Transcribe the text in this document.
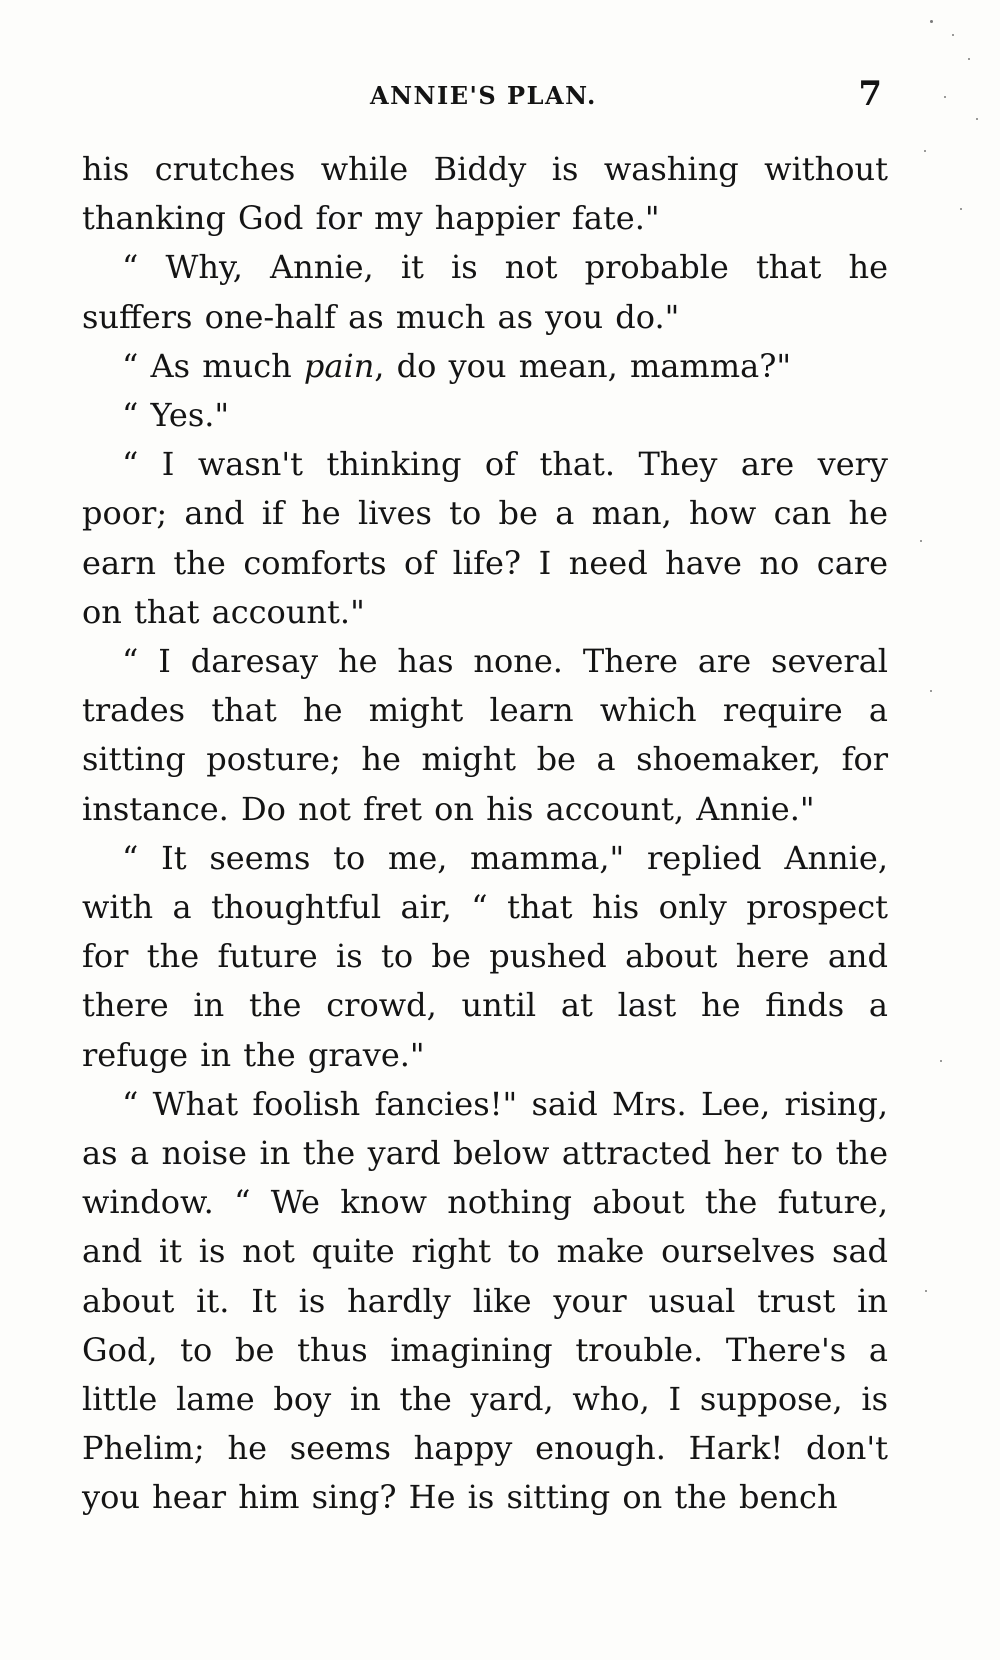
ANNIE'S PLAN.	7

his crutches while Biddy is washing without thanking God for my happier fate."

“ Why, Annie, it is not probable that he suffers one-half as much as you do."

“ As much pain, do you mean, mamma?"

“ Yes."

“ I wasn't thinking of that. They are very poor; and if he lives to be a man, how can he earn the comforts of life? I need have no care on that account."

“ I daresay he has none. There are several trades that he might learn which require a sitting posture; he might be a shoemaker, for instance. Do not fret on his account, Annie."

“ It seems to me, mamma," replied Annie, with a thoughtful air, “ that his only prospect for the future is to be pushed about here and there in the crowd, until at last he finds a refuge in the grave."

“ What foolish fancies!" said Mrs. Lee, rising, as a noise in the yard below attracted her to the window. “ We know nothing about the future, and it is not quite right to make ourselves sad about it. It is hardly like your usual trust in God, to be thus imagining trouble. There's a little lame boy in the yard, who, I suppose, is Phelim; he seems happy enough. Hark! don't you hear him sing? He is sitting on the bench
